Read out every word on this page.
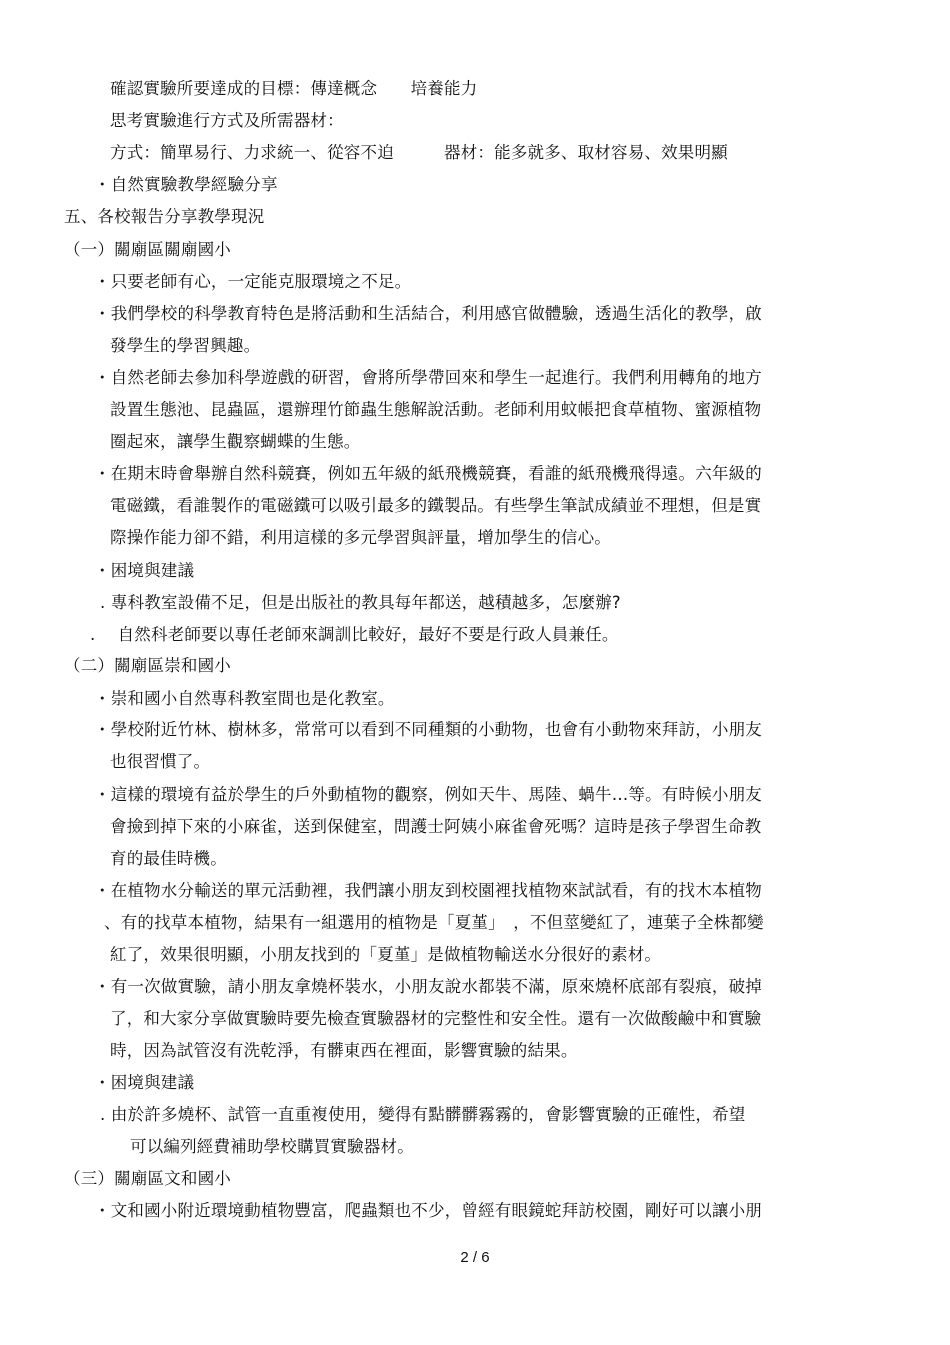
確認實驗所要達成的目標：傳達概念　　培養能力
思考實驗進行方式及所需器材：
方式：簡單易行、力求統一、從容不迫　　　器材：能多就多、取材容易、效果明顯
・自然實驗教學經驗分享
五、各校報告分享教學現況
（一）關廟區關廟國小
・只要老師有心，一定能克服環境之不足。
・我們學校的科學教育特色是將活動和生活結合，利用感官做體驗，透過生活化的教學，啟
發學生的學習興趣。
・自然老師去參加科學遊戲的研習，會將所學帶回來和學生一起進行。我們利用轉角的地方
設置生態池、昆蟲區，還辦理竹節蟲生態解說活動。老師利用蚊帳把食草植物、蜜源植物
圈起來，讓學生觀察蝴蝶的生態。
・在期末時會舉辦自然科競賽，例如五年級的紙飛機競賽，看誰的紙飛機飛得遠。六年級的
電磁鐵，看誰製作的電磁鐵可以吸引最多的鐵製品。有些學生筆試成績並不理想，但是實
際操作能力卻不錯，利用這樣的多元學習與評量，增加學生的信心。
・困境與建議
. 專科教室設備不足，但是出版社的教具每年都送，越積越多，怎麼辦?
.　 自然科老師要以專任老師來調訓比較好，最好不要是行政人員兼任。
（二）關廟區崇和國小
・崇和國小自然專科教室間也是化教室。
・學校附近竹林、樹林多，常常可以看到不同種類的小動物，也會有小動物來拜訪，小朋友
也很習慣了。
・這樣的環境有益於學生的戶外動植物的觀察，例如天牛、馬陸、蝸牛…等。有時候小朋友
會撿到掉下來的小麻雀，送到保健室，問護士阿姨小麻雀會死嗎？這時是孩子學習生命教
育的最佳時機。
・在植物水分輸送的單元活動裡，我們讓小朋友到校園裡找植物來試試看，有的找木本植物
、有的找草本植物，結果有一組選用的植物是「夏堇」　，不但莖變紅了，連葉子全株都變
紅了，效果很明顯，小朋友找到的「夏堇」是做植物輸送水分很好的素材。
・有一次做實驗，請小朋友拿燒杯裝水，小朋友說水都裝不滿，原來燒杯底部有裂痕，破掉
了，和大家分享做實驗時要先檢查實驗器材的完整性和安全性。還有一次做酸鹼中和實驗
時，因為試管沒有洗乾淨，有髒東西在裡面，影響實驗的結果。
・困境與建議
. 由於許多燒杯、試管一直重複使用，變得有點髒髒霧霧的，會影響實驗的正確性，希望
可以編列經費補助學校購買實驗器材。
（三）關廟區文和國小
・文和國小附近環境動植物豐富，爬蟲類也不少，曾經有眼鏡蛇拜訪校園，剛好可以讓小朋
2 / 6
